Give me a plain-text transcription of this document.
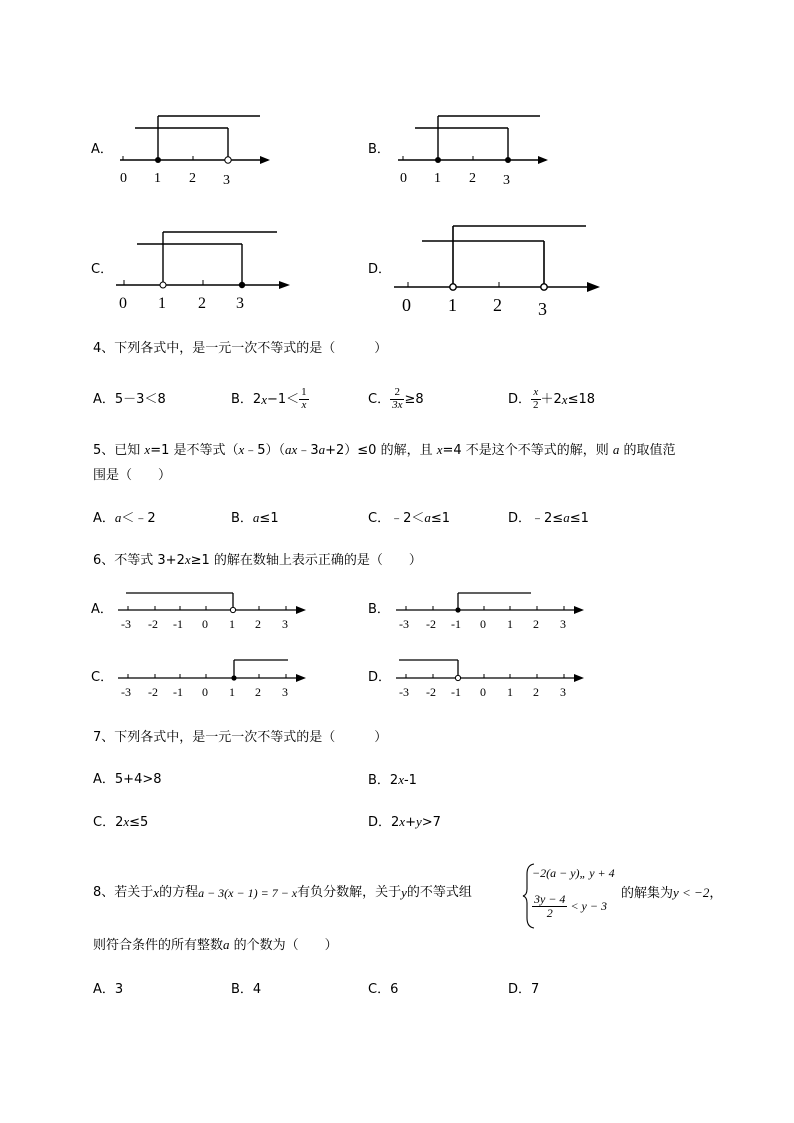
A．
0 1 2 3
B．
0 1 2 3
C．
0 1 2 3
D．
0 1 2 3
4、下列各式中，是一元一次不等式的是（　　　）
A．5－3＜8	B． 2 $x -1< \frac{1}{x}$	C． $\frac{2}{3x} \ge 8$	D． $\frac{x}{2} +2$ x ≤18
5、已知 x=1 是不等式（x﹣5）（ax﹣3a+2）≤0 的解，且 x=4 不是这个不等式的解，则 a 的取值范
围是（　　）
A．a＜﹣2	B．a≤1	C．﹣2＜a≤1	D．﹣2≤a≤1
6、不等式 3+2x≥1 的解在数轴上表示正确的是（　　）
A．
-3 -2 -1 0 1 2 3
B．
-3 -2 -1 0 1 2 3
C．
-3 -2 -1 0 1 2 3
D．
-3 -2 -1 0 1 2 3
7、下列各式中，是一元一次不等式的是（　　　）
A．5+4>8	B．2x-1
C．2x≤5	D．2x+y>7
8、若关于 x 的方程 a − 3(x − 1) = 7 − x 有负分数解，关于 y 的不等式组
−2(a − y)„ y + 4
$\frac{3y - 4}{2} < y - 3$
的解集为y < −2，
则符合条件的所有整数a 的个数为（　　）
A．3	B．4	C．6	D．7
